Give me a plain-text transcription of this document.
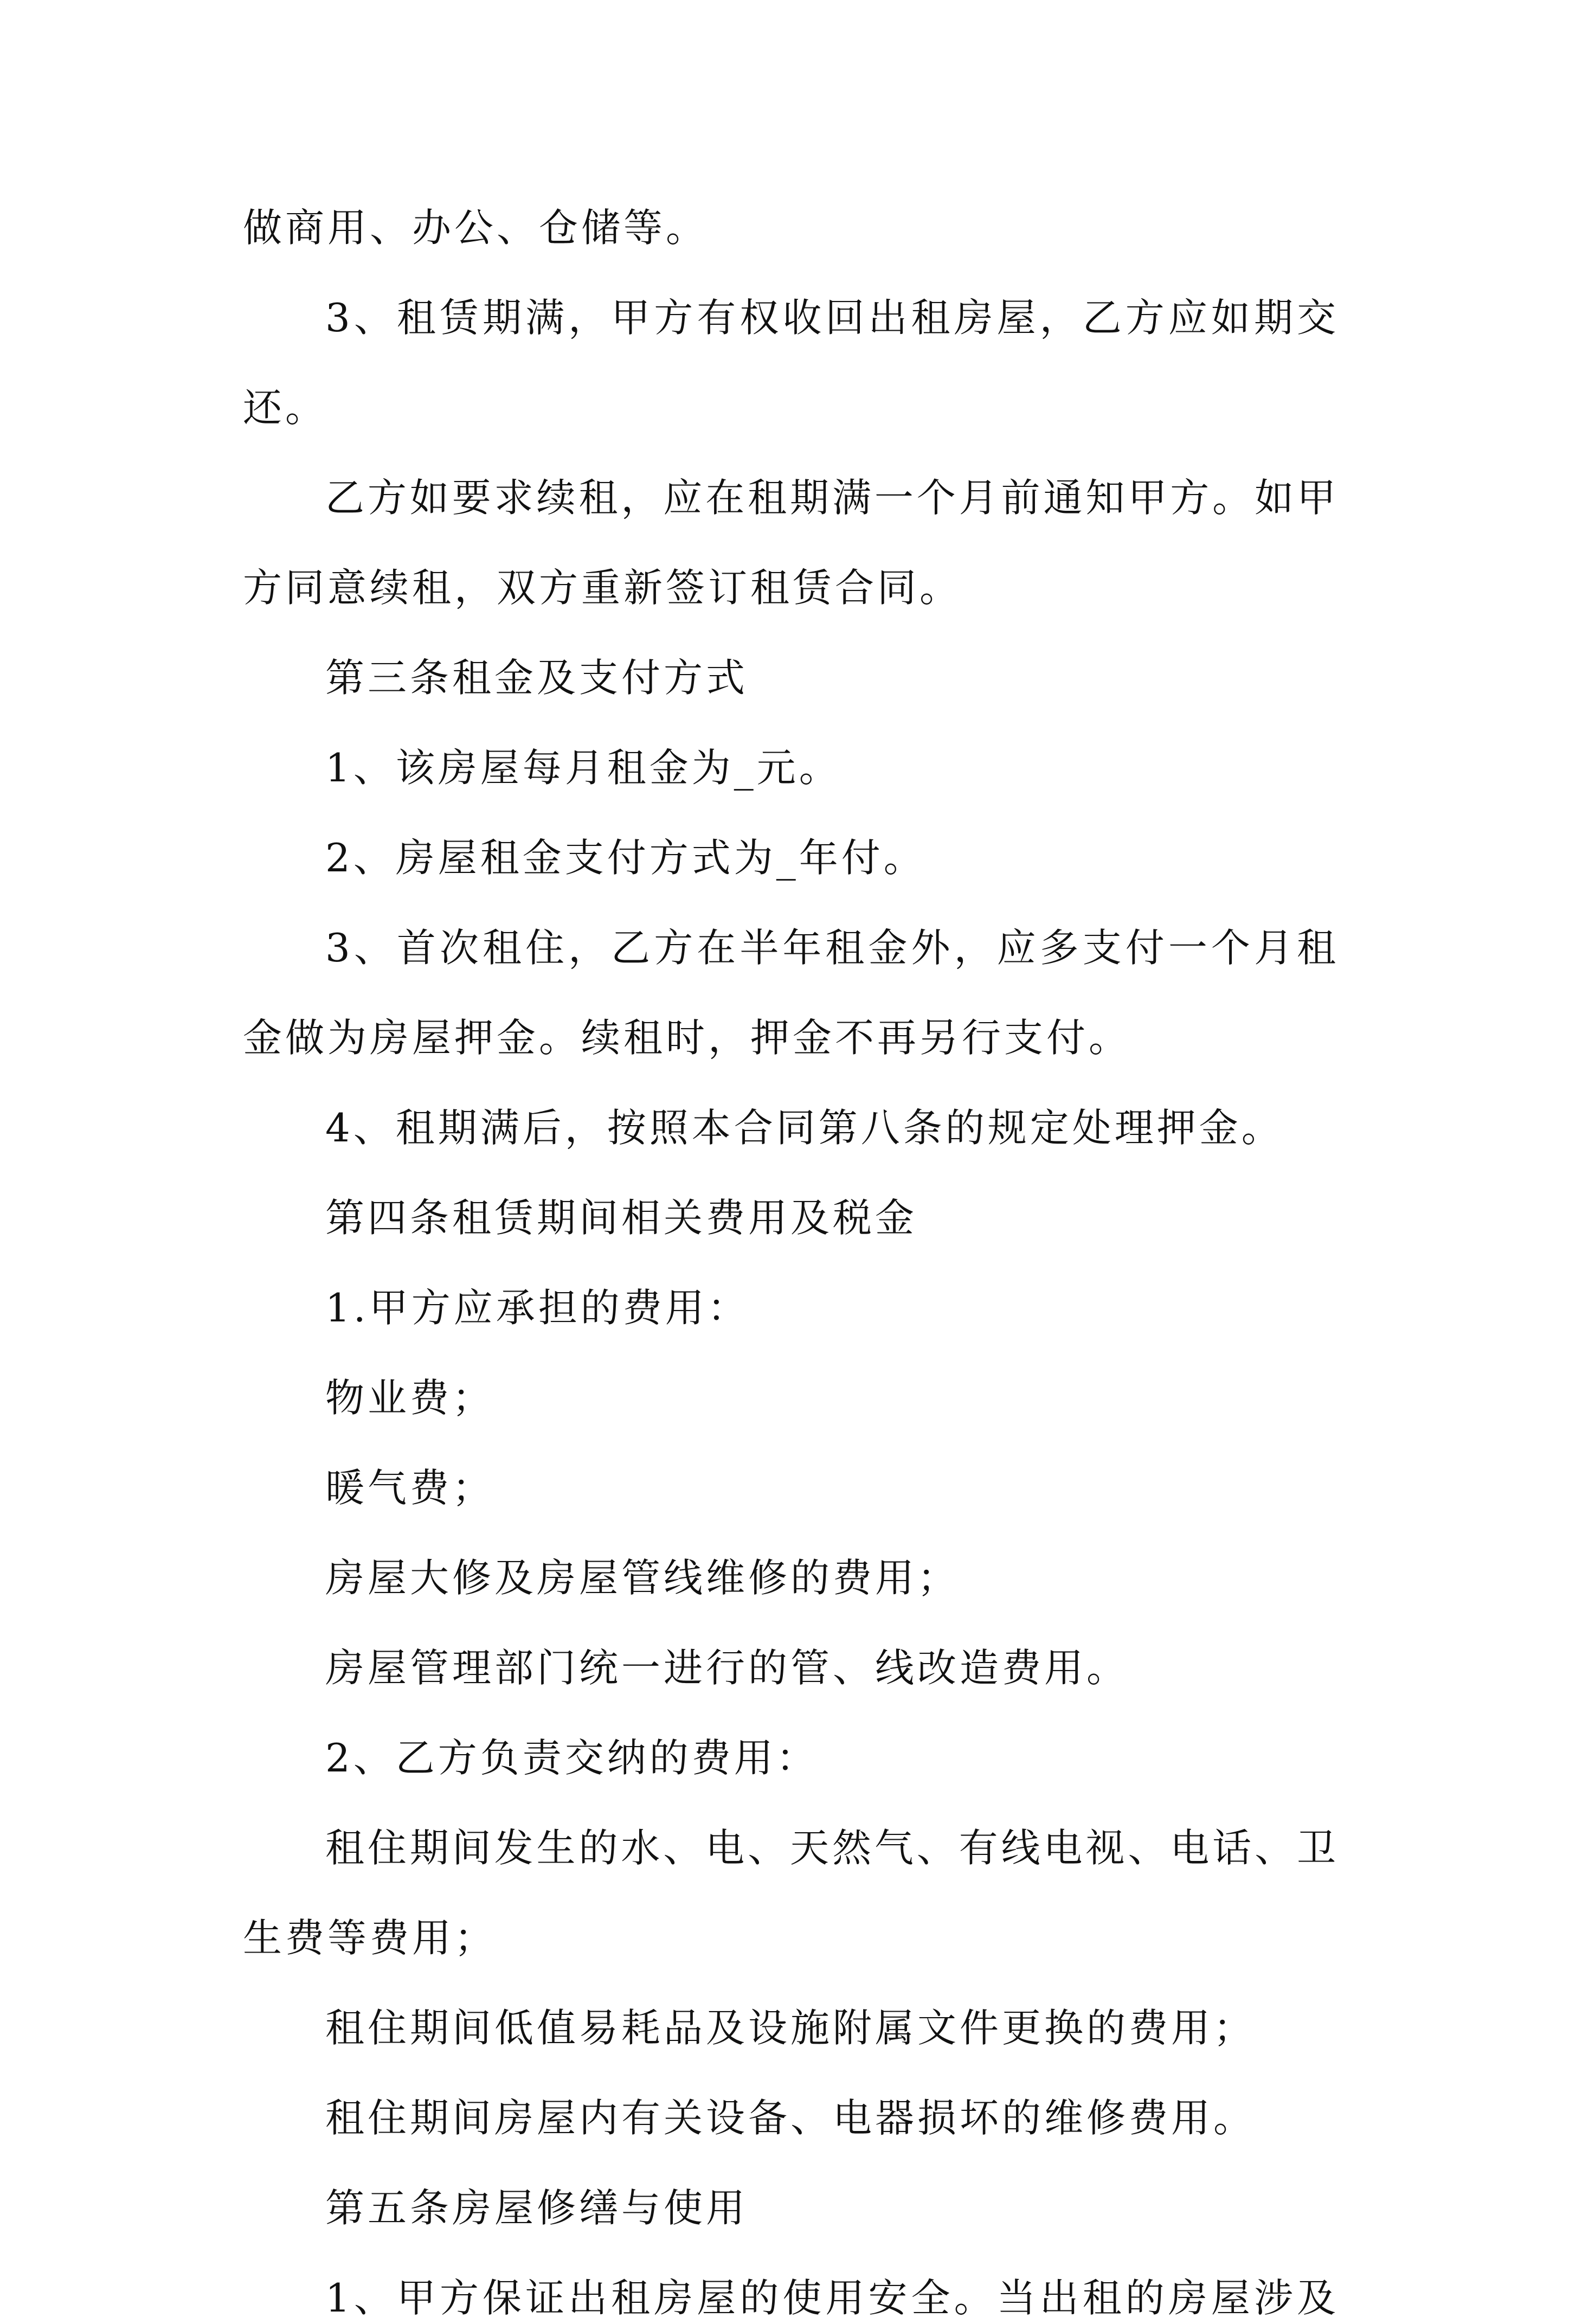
做商用、办公、仓储等。
3、租赁期满，甲方有权收回出租房屋，乙方应如期交
还。
乙方如要求续租，应在租期满一个月前通知甲方。如甲
方同意续租，双方重新签订租赁合同。
第三条租金及支付方式
1、该房屋每月租金为_元。
2、房屋租金支付方式为_年付。
3、首次租住，乙方在半年租金外，应多支付一个月租
金做为房屋押金。续租时，押金不再另行支付。
4、租期满后，按照本合同第八条的规定处理押金。
第四条租赁期间相关费用及税金
1.甲方应承担的费用：
物业费；
暖气费；
房屋大修及房屋管线维修的费用；
房屋管理部门统一进行的管、线改造费用。
2、乙方负责交纳的费用：
租住期间发生的水、电、天然气、有线电视、电话、卫
生费等费用；
租住期间低值易耗品及设施附属文件更换的费用；
租住期间房屋内有关设备、电器损坏的维修费用。
第五条房屋修缮与使用
1、甲方保证出租房屋的使用安全。当出租的房屋涉及
